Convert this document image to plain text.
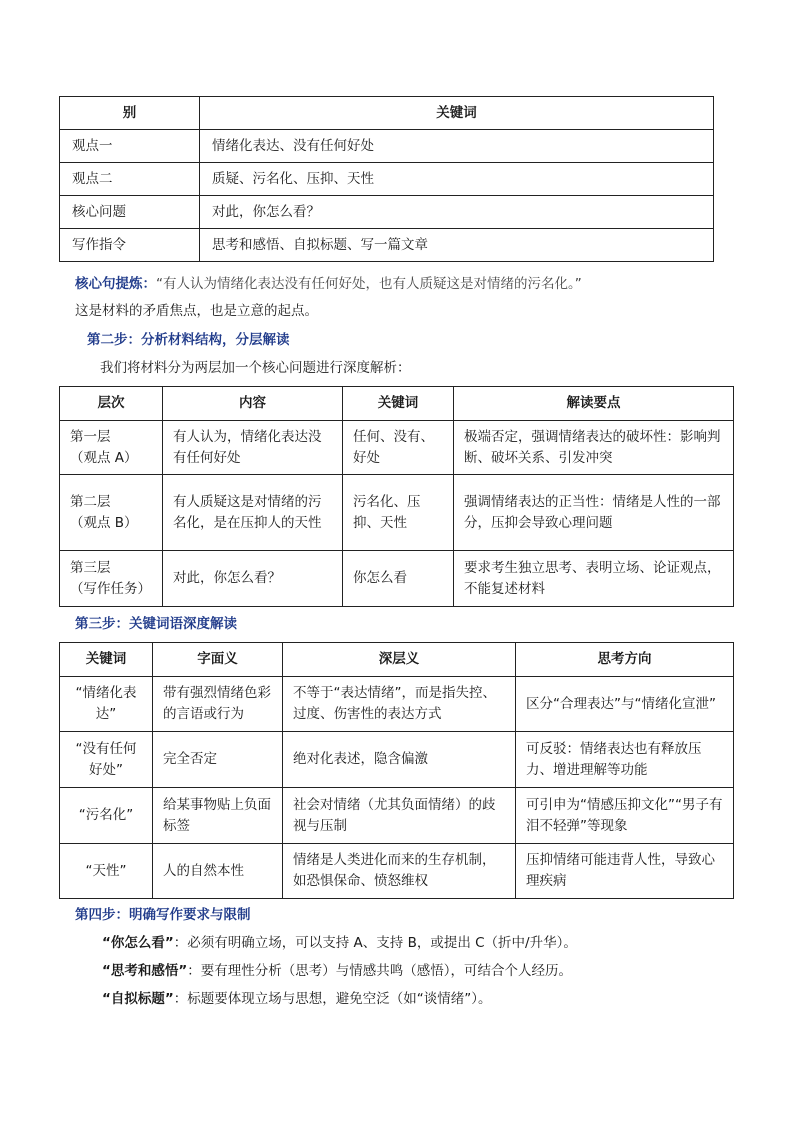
别	关键词
观点一	情绪化表达、没有任何好处
观点二	质疑、污名化、压抑、天性
核心问题	对此，你怎么看？
写作指令	思考和感悟、自拟标题、写一篇文章
核心句提炼：“有人认为情绪化表达没有任何好处，也有人质疑这是对情绪的污名化。”
这是材料的矛盾焦点，也是立意的起点。
第二步：分析材料结构，分层解读
我们将材料分为两层加一个核心问题进行深度解析：
层次	内容	关键词	解读要点

第一层
（观点 A）	有人认为，情绪化表达没有任何好处	任何、没有、好处	极端否定，强调情绪表达的破坏性：影响判断、破坏关系、引发冲突

第二层
（观点 B）	有人质疑这是对情绪的污名化，是在压抑人的天性	污名化、压抑、天性	强调情绪表达的正当性：情绪是人性的一部分，压抑会导致心理问题

第三层
（写作任务）	对此，你怎么看？	你怎么看	要求考生独立思考、表明立场、论证观点，不能复述材料
第三步：关键词语深度解读
关键词	字面义	深层义	思考方向
“情绪化表达”	带有强烈情绪色彩的言语或行为	不等于“表达情绪”，而是指失控、过度、伤害性的表达方式	区分“合理表达”与“情绪化宣泄”
“没有任何好处”	完全否定	绝对化表述，隐含偏激	可反驳：情绪表达也有释放压力、增进理解等功能
“污名化”	给某事物贴上负面标签	社会对情绪（尤其负面情绪）的歧视与压制	可引申为“情感压抑文化”“男子有泪不轻弹”等现象
“天性”	人的自然本性	情绪是人类进化而来的生存机制，如恐惧保命、愤怒维权	压抑情绪可能违背人性，导致心理疾病
第四步：明确写作要求与限制
“你怎么看”：必须有明确立场，可以支持 A、支持 B，或提出 C（折中/升华）。
“思考和感悟”：要有理性分析（思考）与情感共鸣（感悟），可结合个人经历。
“自拟标题”：标题要体现立场与思想，避免空泛（如“谈情绪”）。
